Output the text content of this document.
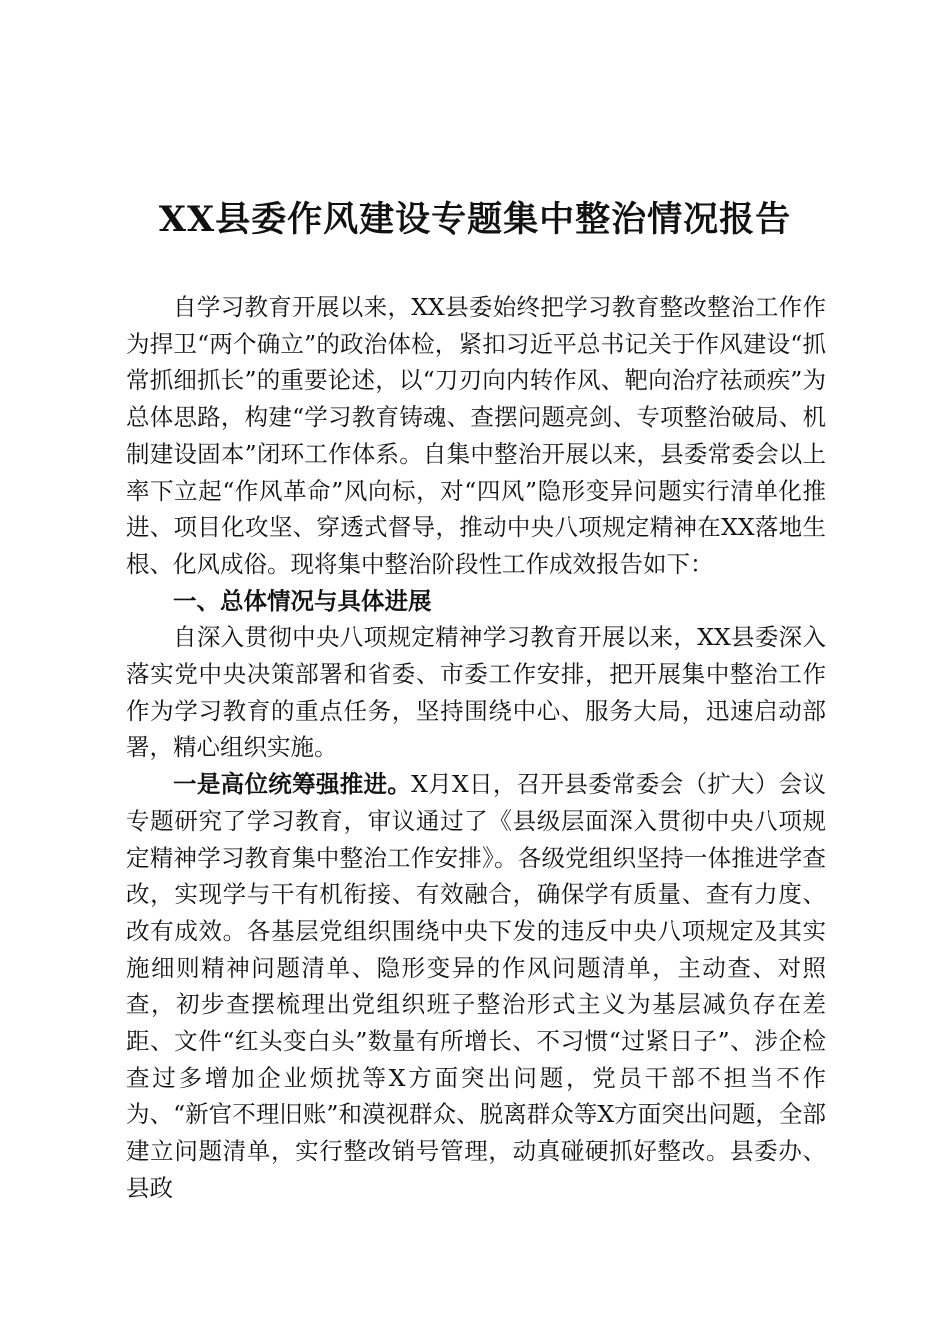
XX县委作风建设专题集中整治情况报告

自学习教育开展以来，XX县委始终把学习教育整改整治工作作为捍卫“两个确立”的政治体检，紧扣习近平总书记关于作风建设“抓常抓细抓长”的重要论述，以“刀刃向内转作风、靶向治疗祛顽疾”为总体思路，构建“学习教育铸魂、查摆问题亮剑、专项整治破局、机制建设固本”闭环工作体系。自集中整治开展以来，县委常委会以上率下立起“作风革命”风向标，对“四风”隐形变异问题实行清单化推进、项目化攻坚、穿透式督导，推动中央八项规定精神在XX落地生根、化风成俗。现将集中整治阶段性工作成效报告如下：

一、总体情况与具体进展

自深入贯彻中央八项规定精神学习教育开展以来，XX县委深入落实党中央决策部署和省委、市委工作安排，把开展集中整治工作作为学习教育的重点任务，坚持围绕中心、服务大局，迅速启动部署，精心组织实施。

一是高位统筹强推进。X月X日，召开县委常委会（扩大）会议专题研究了学习教育，审议通过了《县级层面深入贯彻中央八项规定精神学习教育集中整治工作安排》。各级党组织坚持一体推进学查改，实现学与干有机衔接、有效融合，确保学有质量、查有力度、改有成效。各基层党组织围绕中央下发的违反中央八项规定及其实施细则精神问题清单、隐形变异的作风问题清单，主动查、对照查，初步查摆梳理出党组织班子整治形式主义为基层减负存在差距、文件“红头变白头”数量有所增长、不习惯“过紧日子”、涉企检查过多增加企业烦扰等X方面突出问题，党员干部不担当不作为、“新官不理旧账”和漠视群众、脱离群众等X方面突出问题，全部建立问题清单，实行整改销号管理，动真碰硬抓好整改。县委办、县政
